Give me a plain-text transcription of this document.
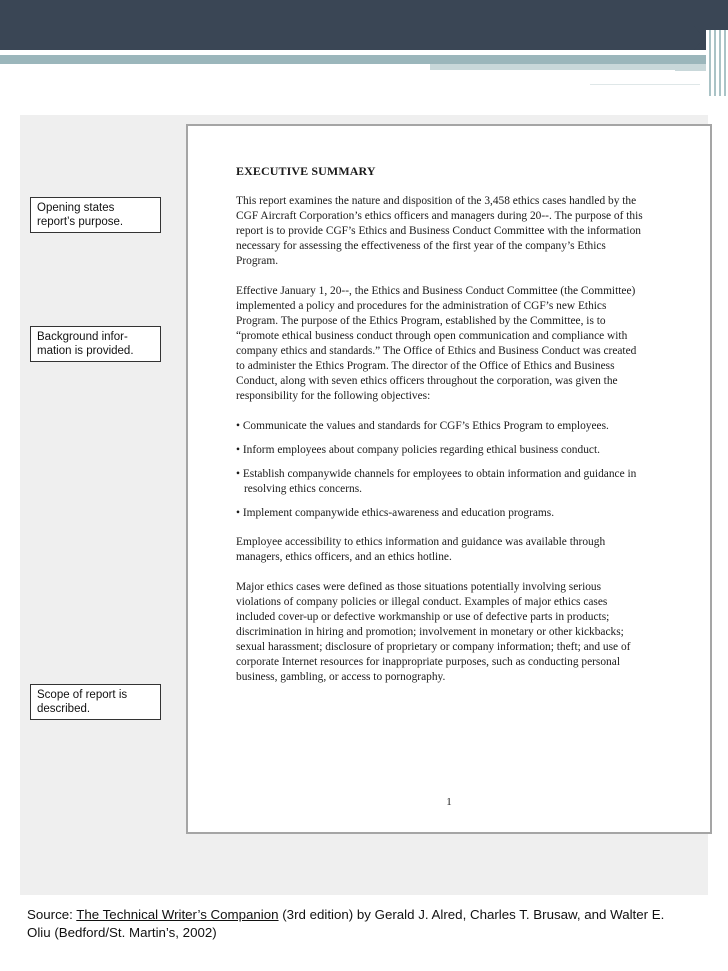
EXECUTIVE SUMMARY

This report examines the nature and disposition of the 3,458 ethics cases handled by the CGF Aircraft Corporation’s ethics officers and managers during 20--. The purpose of this report is to provide CGF’s Ethics and Business Conduct Committee with the information necessary for assessing the effectiveness of the first year of the company’s Ethics Program.

Effective January 1, 20--, the Ethics and Business Conduct Committee (the Committee) implemented a policy and procedures for the administration of CGF’s new Ethics Program. The purpose of the Ethics Program, established by the Committee, is to “promote ethical business conduct through open communication and compliance with company ethics and standards.” The Office of Ethics and Business Conduct was created to administer the Ethics Program. The director of the Office of Ethics and Business Conduct, along with seven ethics officers throughout the corporation, was given the responsibility for the following objectives:

• Communicate the values and standards for CGF’s Ethics Program to employees.
• Inform employees about company policies regarding ethical business conduct.
• Establish companywide channels for employees to obtain information and guidance in resolving ethics concerns.
• Implement companywide ethics-awareness and education programs.

Employee accessibility to ethics information and guidance was available through managers, ethics officers, and an ethics hotline.

Major ethics cases were defined as those situations potentially involving serious violations of company policies or illegal conduct. Examples of major ethics cases included cover-up or defective workmanship or use of defective parts in products; discrimination in hiring and promotion; involvement in monetary or other kickbacks; sexual harassment; disclosure of proprietary or company information; theft; and use of corporate Internet resources for inappropriate purposes, such as conducting personal business, gambling, or access to pornography.

1
Opening states
report’s purpose.
Background infor-
mation is provided.
Scope of report is
described.
Source: The Technical Writer’s Companion (3rd edition) by Gerald J. Alred, Charles T. Brusaw, and Walter E. Oliu (Bedford/St. Martin’s, 2002)
